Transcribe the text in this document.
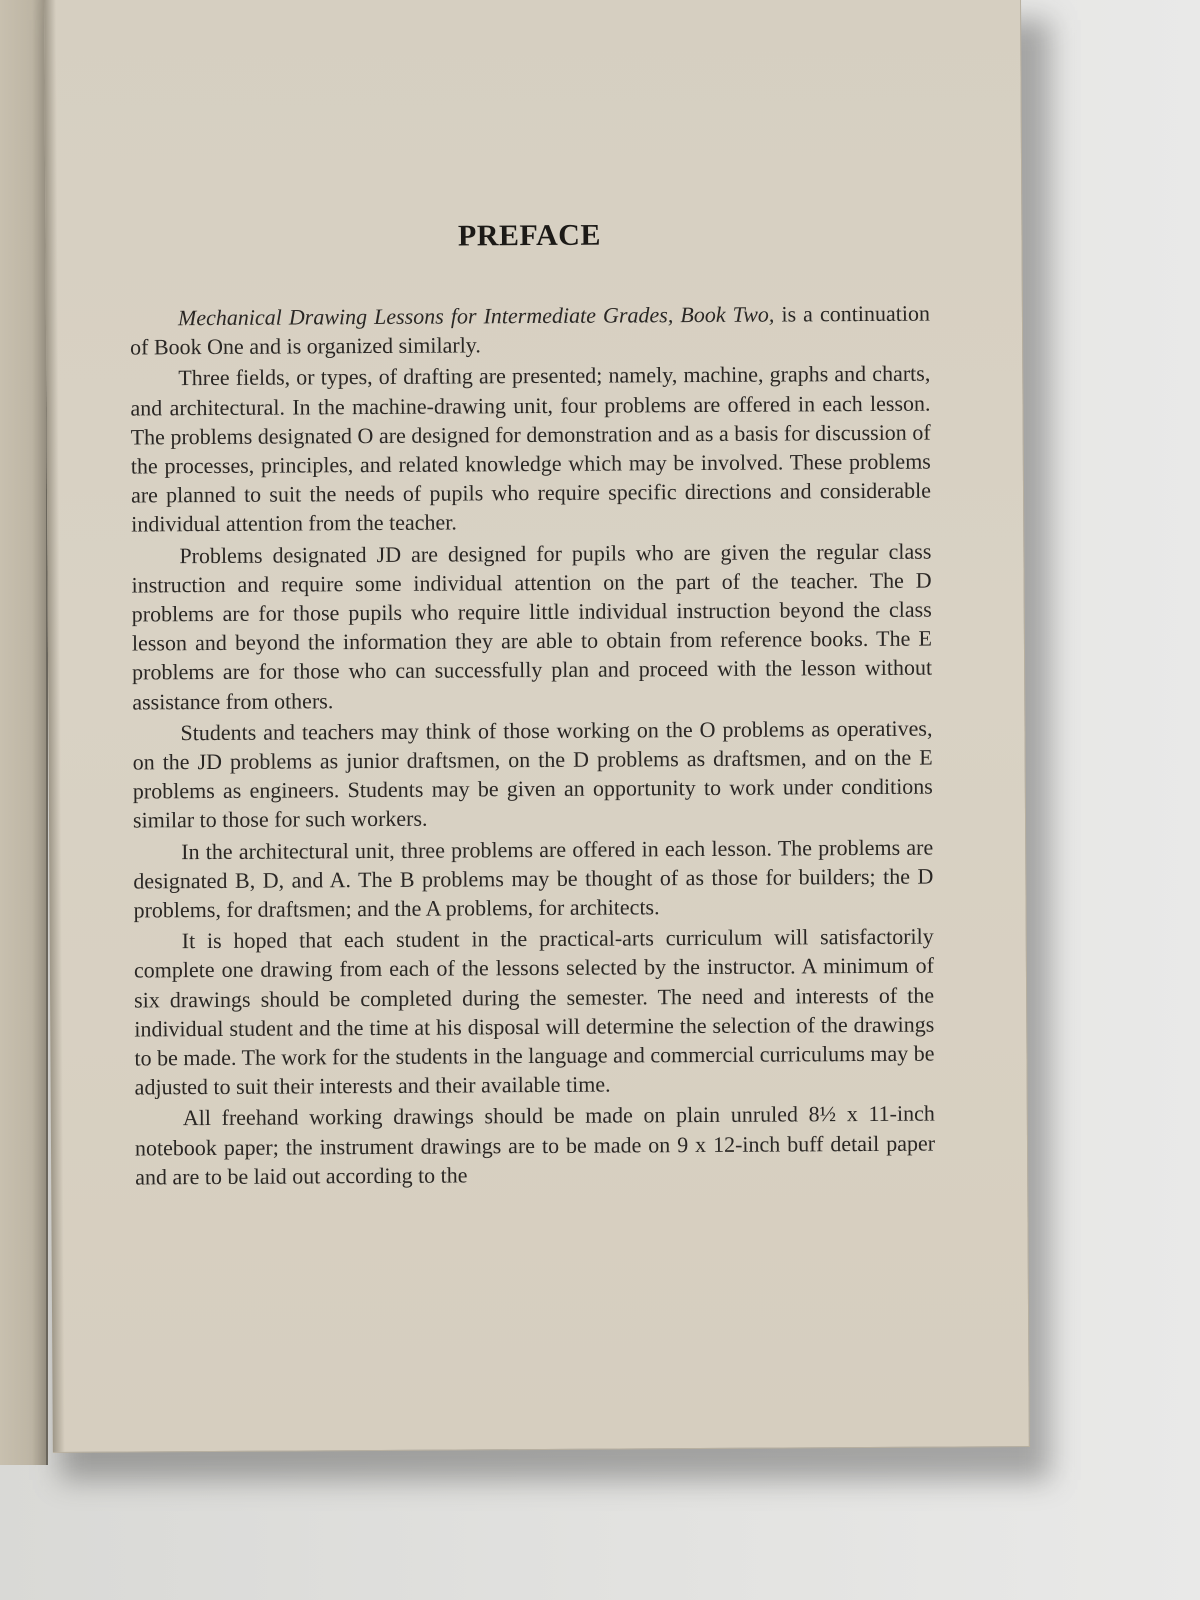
PREFACE

Mechanical Drawing Lessons for Intermediate Grades, Book Two, is a continuation of Book One and is organized similarly.

Three fields, or types, of drafting are presented; namely, machine, graphs and charts, and architectural. In the machine-drawing unit, four problems are offered in each lesson. The problems designated O are designed for demonstration and as a basis for discussion of the processes, principles, and related knowledge which may be involved. These problems are planned to suit the needs of pupils who require specific directions and considerable individual attention from the teacher.

Problems designated JD are designed for pupils who are given the regular class instruction and require some individual attention on the part of the teacher. The D problems are for those pupils who require little individual instruction beyond the class lesson and beyond the information they are able to obtain from reference books. The E problems are for those who can successfully plan and proceed with the lesson without assistance from others.

Students and teachers may think of those working on the O problems as operatives, on the JD problems as junior draftsmen, on the D problems as draftsmen, and on the E problems as engineers. Students may be given an opportunity to work under conditions similar to those for such workers.

In the architectural unit, three problems are offered in each lesson. The problems are designated B, D, and A. The B problems may be thought of as those for builders; the D problems, for draftsmen; and the A problems, for architects.

It is hoped that each student in the practical-arts curriculum will satisfactorily complete one drawing from each of the lessons selected by the instructor. A minimum of six drawings should be completed during the semester. The need and interests of the individual student and the time at his disposal will determine the selection of the drawings to be made. The work for the students in the language and commercial curriculums may be adjusted to suit their interests and their available time.

All freehand working drawings should be made on plain unruled 8½ x 11-inch notebook paper; the instrument drawings are to be made on 9 x 12-inch buff detail paper and are to be laid out according to the
